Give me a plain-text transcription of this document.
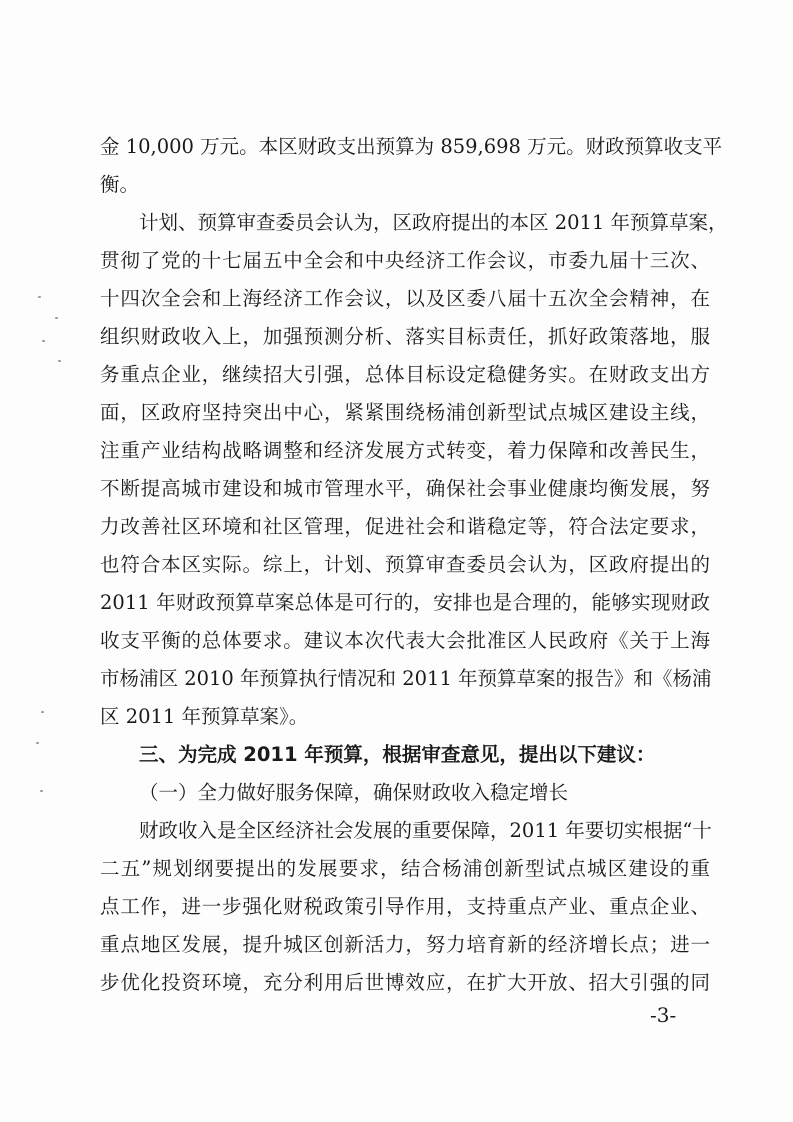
金 10,000 万元。本区财政支出预算为 859,698 万元。财政预算收支平
衡。
计划、预算审查委员会认为，区政府提出的本区 2011 年预算草案，
贯彻了党的十七届五中全会和中央经济工作会议，市委九届十三次、
十四次全会和上海经济工作会议，以及区委八届十五次全会精神，在
组织财政收入上，加强预测分析、落实目标责任，抓好政策落地，服
务重点企业，继续招大引强，总体目标设定稳健务实。在财政支出方
面，区政府坚持突出中心，紧紧围绕杨浦创新型试点城区建设主线，
注重产业结构战略调整和经济发展方式转变，着力保障和改善民生，
不断提高城市建设和城市管理水平，确保社会事业健康均衡发展，努
力改善社区环境和社区管理，促进社会和谐稳定等，符合法定要求，
也符合本区实际。综上，计划、预算审查委员会认为，区政府提出的
2011 年财政预算草案总体是可行的，安排也是合理的，能够实现财政
收支平衡的总体要求。建议本次代表大会批准区人民政府《关于上海
市杨浦区 2010 年预算执行情况和 2011 年预算草案的报告》和《杨浦
区 2011 年预算草案》。
三、为完成 2011 年预算，根据审查意见，提出以下建议：
（一）全力做好服务保障，确保财政收入稳定增长
财政收入是全区经济社会发展的重要保障，2011 年要切实根据“十
二五”规划纲要提出的发展要求，结合杨浦创新型试点城区建设的重
点工作，进一步强化财税政策引导作用，支持重点产业、重点企业、
重点地区发展，提升城区创新活力，努力培育新的经济增长点；进一
步优化投资环境，充分利用后世博效应，在扩大开放、招大引强的同
-3-
